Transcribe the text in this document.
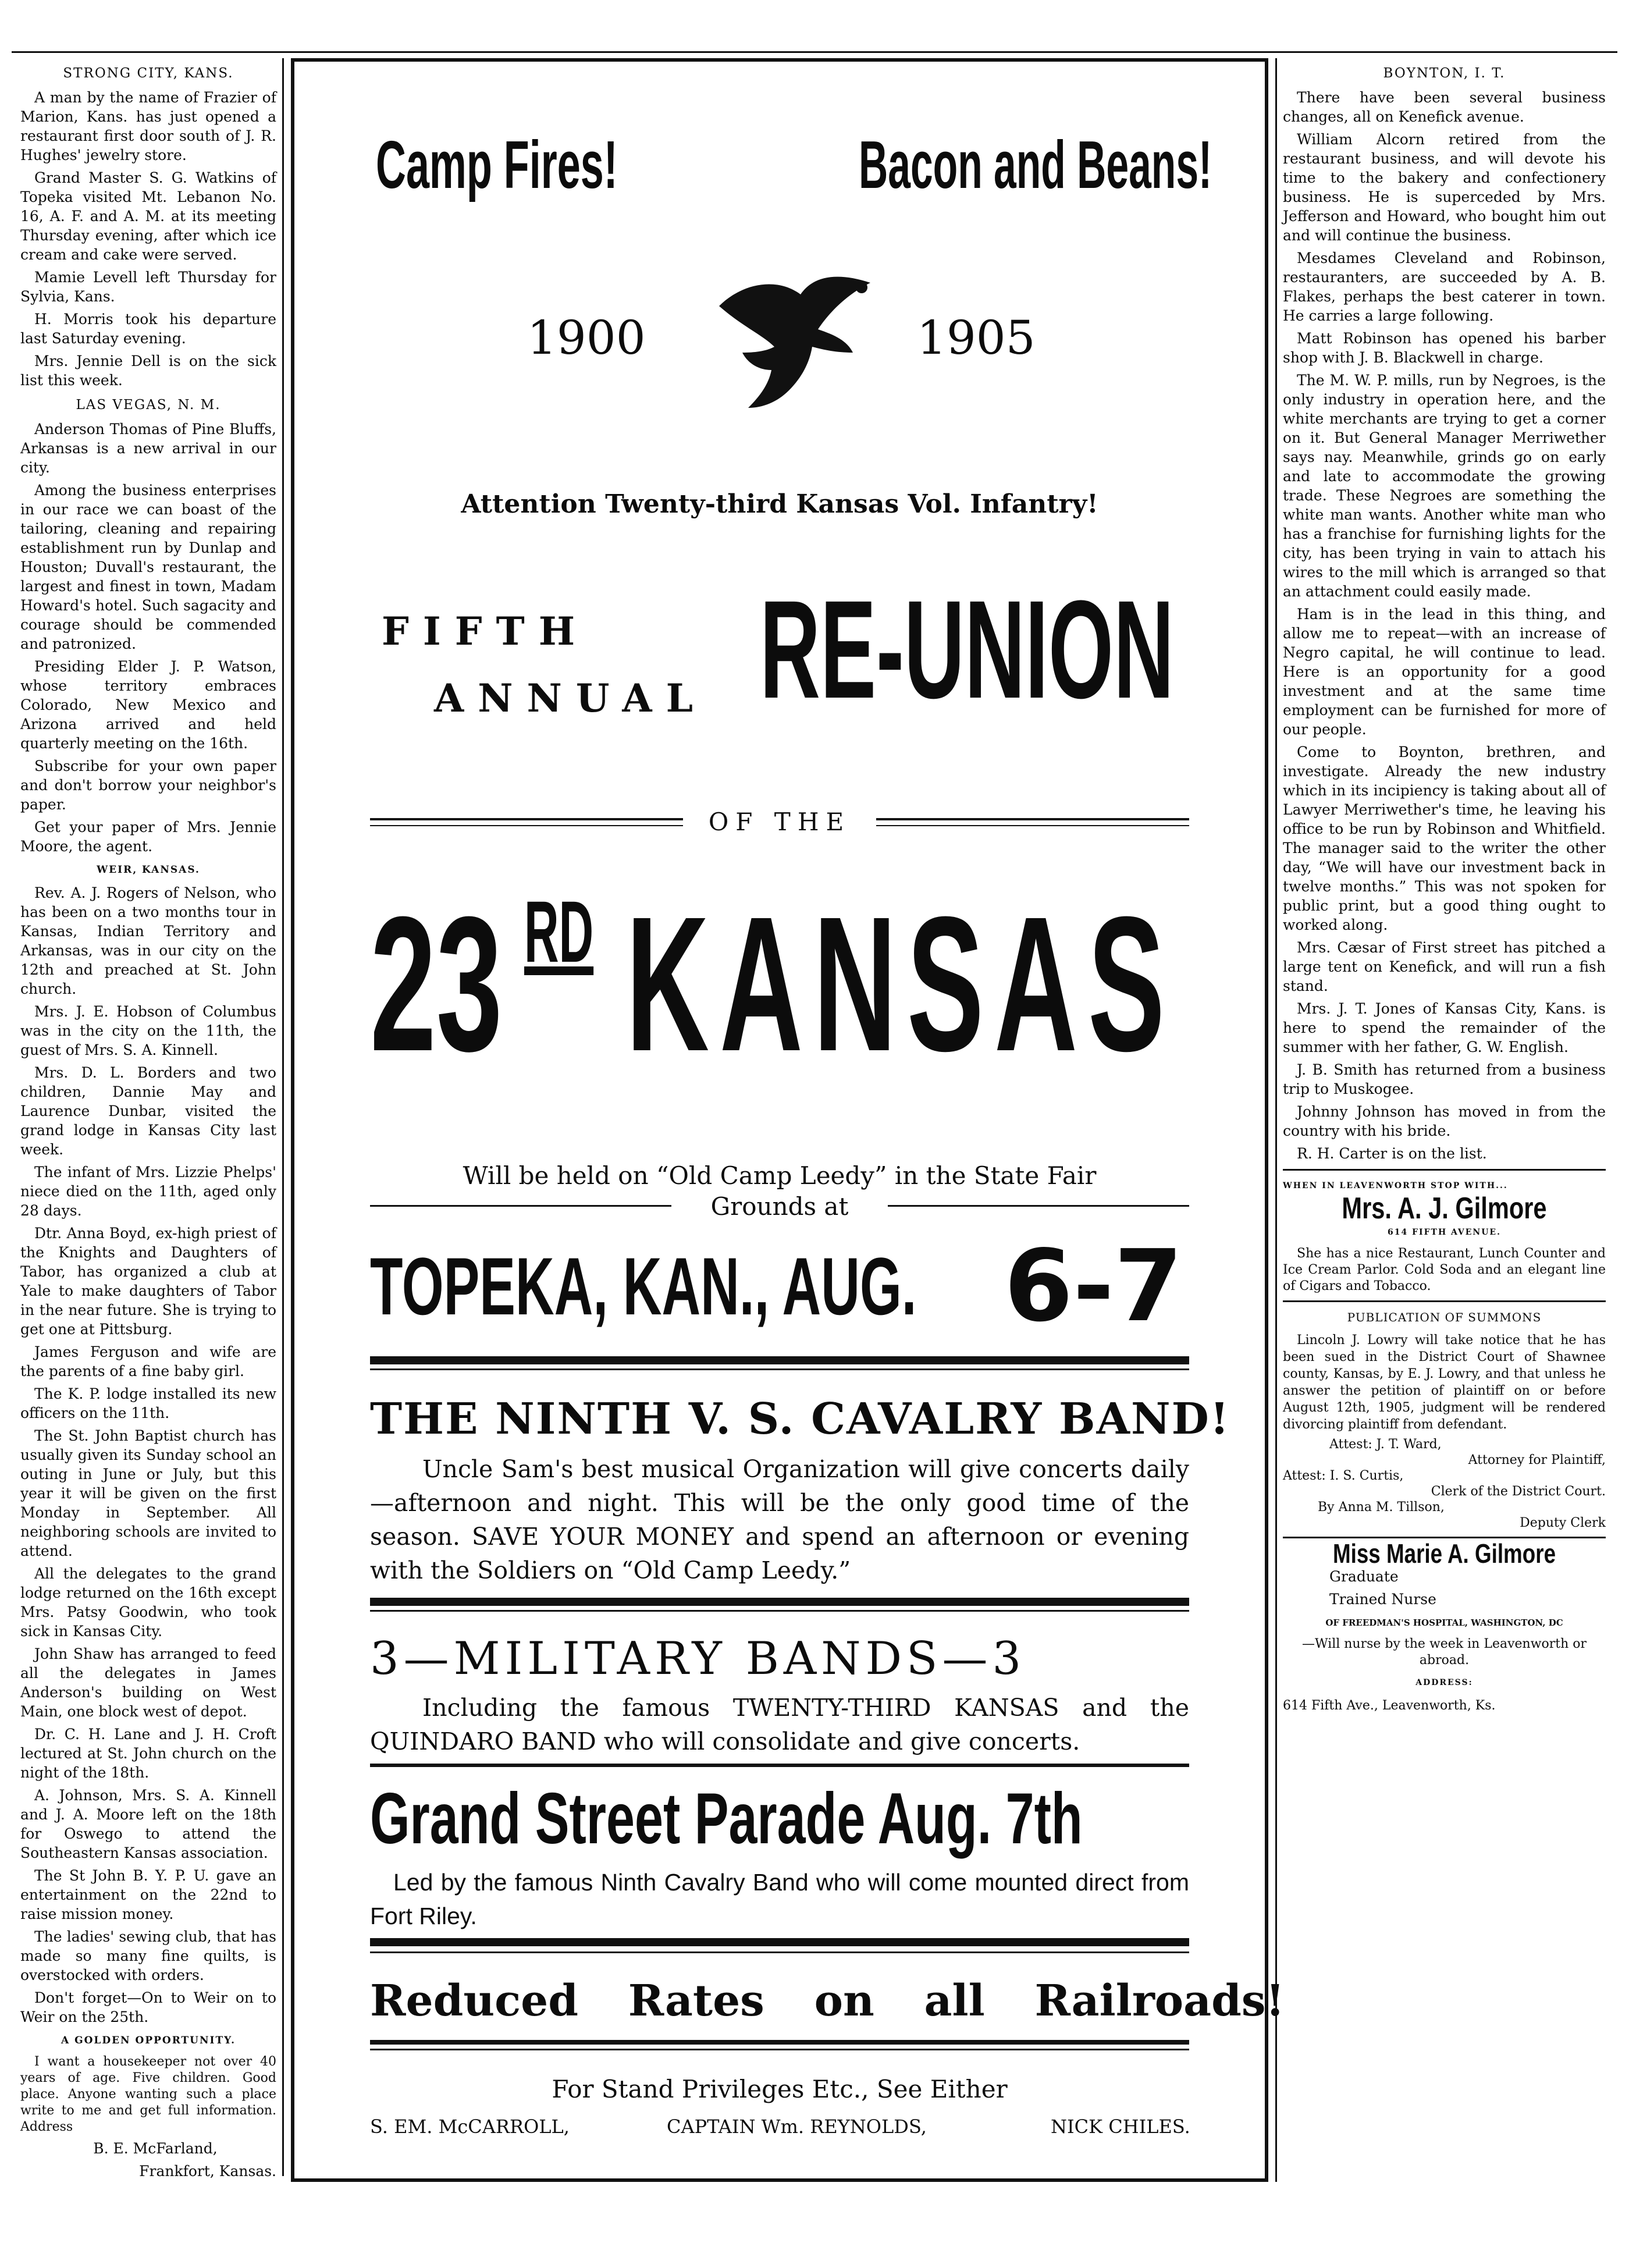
STRONG CITY, KANS.

A man by the name of Frazier of Marion, Kans. has just opened a restaurant first door south of J. R. Hughes' jewelry store.

Grand Master S. G. Watkins of Topeka visited Mt. Lebanon No. 16, A. F. and A. M. at its meeting Thursday evening, after which ice cream and cake were served.

Mamie Levell left Thursday for Sylvia, Kans.

H. Morris took his departure last Saturday evening.

Mrs. Jennie Dell is on the sick list this week.

LAS VEGAS, N. M.

Anderson Thomas of Pine Bluffs, Arkansas is a new arrival in our city.

Among the business enterprises in our race we can boast of the tailoring, cleaning and repairing establishment run by Dunlap and Houston; Duvall's restaurant, the largest and finest in town, Madam Howard's hotel. Such sagacity and courage should be commended and patronized.

Presiding Elder J. P. Watson, whose territory embraces Colorado, New Mexico and Arizona arrived and held quarterly meeting on the 16th.

Subscribe for your own paper and don't borrow your neighbor's paper.

Get your paper of Mrs. Jennie Moore, the agent.

WEIR, KANSAS.

Rev. A. J. Rogers of Nelson, who has been on a two months tour in Kansas, Indian Territory and Arkansas, was in our city on the 12th and preached at St. John church.

Mrs. J. E. Hobson of Columbus was in the city on the 11th, the guest of Mrs. S. A. Kinnell.

Mrs. D. L. Borders and two children, Dannie May and Laurence Dunbar, visited the grand lodge in Kansas City last week.

The infant of Mrs. Lizzie Phelps' niece died on the 11th, aged only 28 days.

Dtr. Anna Boyd, ex-high priest of the Knights and Daughters of Tabor, has organized a club at Yale to make daughters of Tabor in the near future. She is trying to get one at Pittsburg.

James Ferguson and wife are the parents of a fine baby girl.

The K. P. lodge installed its new officers on the 11th.

The St. John Baptist church has usually given its Sunday school an outing in June or July, but this year it will be given on the first Monday in September. All neighboring schools are invited to attend.

All the delegates to the grand lodge returned on the 16th except Mrs. Patsy Goodwin, who took sick in Kansas City.

John Shaw has arranged to feed all the delegates in James Anderson's building on West Main, one block west of depot.

Dr. C. H. Lane and J. H. Croft lectured at St. John church on the night of the 18th.

A. Johnson, Mrs. S. A. Kinnell and J. A. Moore left on the 18th for Oswego to attend the Southeastern Kansas association.

The St John B. Y. P. U. gave an entertainment on the 22nd to raise mission money.

The ladies' sewing club, that has made so many fine quilts, is overstocked with orders.

Don't forget—On to Weir on to Weir on the 25th.

A GOLDEN OPPORTUNITY.

I want a housekeeper not over 40 years of age. Five children. Good place. Anyone wanting such a place write to me and get full information. Address

B. E. McFarland,

Frankfort, Kansas.

Camp Fires!	Bacon and Beans!
1900	1905
Attention Twenty-third Kansas Vol. Infantry!
FIFTH
ANNUAL RE-UNION
OF THE
23 RD KANSAS
Will be held on “Old Camp Leedy” in the State Fair
Grounds at
TOPEKA, KAN., AUG. 6-7
THE NINTH V. S. CAVALRY BAND!
Uncle Sam's best musical Organization will give concerts daily—afternoon and night. This will be the only good time of the season. SAVE YOUR MONEY and spend an afternoon or evening with the Soldiers on “Old Camp Leedy.”
3—MILITARY BANDS—3
Including the famous TWENTY-THIRD KANSAS and the QUINDARO BAND who will consolidate and give concerts.
Grand Street Parade Aug. 7th
Led by the famous Ninth Cavalry Band who will come mounted direct from Fort Riley.
Reduced Rates on all Railroads!
For Stand Privileges Etc., See Either
S. EM. McCARROLL,	CAPTAIN Wm. REYNOLDS,	NICK CHILES.

BOYNTON, I. T.

There have been several business changes, all on Kenefick avenue.

William Alcorn retired from the restaurant business, and will devote his time to the bakery and confectionery business. He is superceded by Mrs. Jefferson and Howard, who bought him out and will continue the business.

Mesdames Cleveland and Robinson, restauranters, are succeeded by A. B. Flakes, perhaps the best caterer in town. He carries a large following.

Matt Robinson has opened his barber shop with J. B. Blackwell in charge.

The M. W. P. mills, run by Negroes, is the only industry in operation here, and the white merchants are trying to get a corner on it. But General Manager Merriwether says nay. Meanwhile, grinds go on early and late to accommodate the growing trade. These Negroes are something the white man wants. Another white man who has a franchise for furnishing lights for the city, has been trying in vain to attach his wires to the mill which is arranged so that an attachment could easily made.

Ham is in the lead in this thing, and allow me to repeat—with an increase of Negro capital, he will continue to lead. Here is an opportunity for a good investment and at the same time employment can be furnished for more of our people.

Come to Boynton, brethren, and investigate. Already the new industry which in its incipiency is taking about all of Lawyer Merriwether's time, he leaving his office to be run by Robinson and Whitfield. The manager said to the writer the other day, “We will have our investment back in twelve months.” This was not spoken for public print, but a good thing ought to worked along.

Mrs. Cæsar of First street has pitched a large tent on Kenefick, and will run a fish stand.

Mrs. J. T. Jones of Kansas City, Kans. is here to spend the remainder of the summer with her father, G. W. English.

J. B. Smith has returned from a business trip to Muskogee.

Johnny Johnson has moved in from the country with his bride.

R. H. Carter is on the list.

WHEN IN LEAVENWORTH STOP WITH...

Mrs. A. J. Gilmore

614 FIFTH AVENUE.

She has a nice Restaurant, Lunch Counter and Ice Cream Parlor. Cold Soda and an elegant line of Cigars and Tobacco.

PUBLICATION OF SUMMONS

Lincoln J. Lowry will take notice that he has been sued in the District Court of Shawnee county, Kansas, by E. J. Lowry, and that unless he answer the petition of plaintiff on or before August 12th, 1905, judgment will be rendered divorcing plaintiff from defendant.

Attest: J. T. Ward,

Attorney for Plaintiff,

Attest: I. S. Curtis,

Clerk of the District Court.

By Anna M. Tillson,

Deputy Clerk

Miss Marie A. Gilmore

Graduate

Trained Nurse

OF FREEDMAN'S HOSPITAL, WASHINGTON, DC

—Will nurse by the week in Leavenworth or abroad.

ADDRESS:

614 Fifth Ave., Leavenworth, Ks.
